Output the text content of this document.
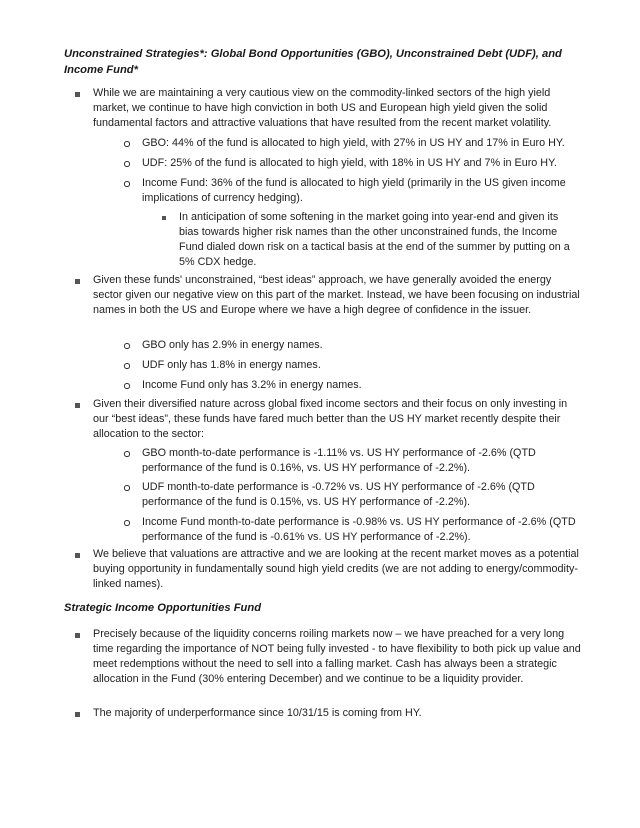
Unconstrained Strategies*: Global Bond Opportunities (GBO), Unconstrained Debt (UDF), and Income Fund*
While we are maintaining a very cautious view on the commodity-linked sectors of the high yield market, we continue to have high conviction in both US and European high yield given the solid fundamental factors and attractive valuations that have resulted from the recent market volatility.
GBO: 44% of the fund is allocated to high yield, with 27% in US HY and 17% in Euro HY.
UDF: 25% of the fund is allocated to high yield, with 18% in US HY and 7% in Euro HY.
Income Fund: 36% of the fund is allocated to high yield (primarily in the US given income implications of currency hedging).
In anticipation of some softening in the market going into year-end and given its bias towards higher risk names than the other unconstrained funds, the Income Fund dialed down risk on a tactical basis at the end of the summer by putting on a 5% CDX hedge.
Given these funds' unconstrained, “best ideas” approach, we have generally avoided the energy sector given our negative view on this part of the market. Instead, we have been focusing on industrial names in both the US and Europe where we have a high degree of confidence in the issuer.
GBO only has 2.9% in energy names.
UDF only has 1.8% in energy names.
Income Fund only has 3.2% in energy names.
Given their diversified nature across global fixed income sectors and their focus on only investing in our “best ideas”, these funds have fared much better than the US HY market recently despite their allocation to the sector:
GBO month-to-date performance is -1.11% vs. US HY performance of -2.6% (QTD performance of the fund is 0.16%, vs. US HY performance of -2.2%).
UDF month-to-date performance is -0.72% vs. US HY performance of -2.6% (QTD performance of the fund is 0.15%, vs. US HY performance of -2.2%).
Income Fund month-to-date performance is -0.98% vs. US HY performance of -2.6% (QTD performance of the fund is -0.61% vs. US HY performance of -2.2%).
We believe that valuations are attractive and we are looking at the recent market moves as a potential buying opportunity in fundamentally sound high yield credits (we are not adding to energy/commodity-linked names).
Strategic Income Opportunities Fund
Precisely because of the liquidity concerns roiling markets now – we have preached for a very long time regarding the importance of NOT being fully invested - to have flexibility to both pick up value and meet redemptions without the need to sell into a falling market. Cash has always been a strategic allocation in the Fund (30% entering December) and we continue to be a liquidity provider.
The majority of underperformance since 10/31/15 is coming from HY.
